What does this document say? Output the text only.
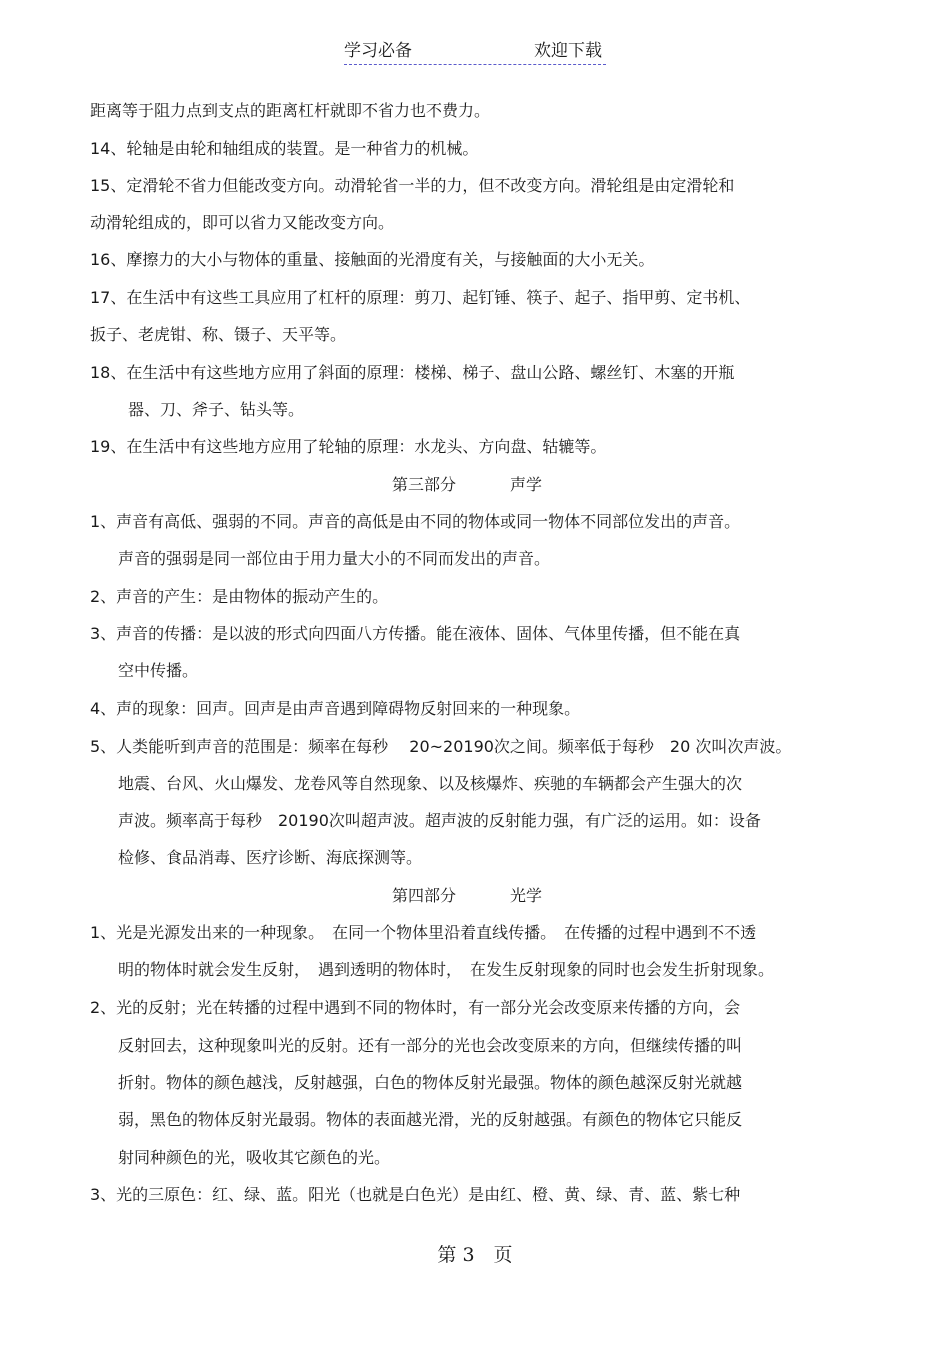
学习必备	欢迎下载
距离等于阻力点到支点的距离杠杆就即不省力也不费力。
14、轮轴是由轮和轴组成的装置。是一种省力的机械。
15、定滑轮不省力但能改变方向。动滑轮省一半的力，但不改变方向。滑轮组是由定滑轮和
动滑轮组成的，即可以省力又能改变方向。
16、摩擦力的大小与物体的重量、接触面的光滑度有关，与接触面的大小无关。
17、在生活中有这些工具应用了杠杆的原理：剪刀、起钉锤、筷子、起子、指甲剪、定书机、
扳子、老虎钳、称、镊子、天平等。
18、在生活中有这些地方应用了斜面的原理：楼梯、梯子、盘山公路、螺丝钉、木塞的开瓶
器、刀、斧子、钻头等。
19、在生活中有这些地方应用了轮轴的原理：水龙头、方向盘、轱辘等。
第三部分	声学
1、声音有高低、强弱的不同。声音的高低是由不同的物体或同一物体不同部位发出的声音。
声音的强弱是同一部位由于用力量大小的不同而发出的声音。
2、声音的产生：是由物体的振动产生的。
3、声音的传播：是以波的形式向四面八方传播。能在液体、固体、气体里传播，但不能在真
空中传播。
4、声的现象：回声。回声是由声音遇到障碍物反射回来的一种现象。
5、人类能听到声音的范围是：频率在每秒　 20~20190次之间。频率低于每秒　20 次叫次声波。
地震、台风、火山爆发、龙卷风等自然现象、以及核爆炸、疾驰的车辆都会产生强大的次
声波。频率高于每秒　20190次叫超声波。超声波的反射能力强，有广泛的运用。如：设备
检修、食品消毒、医疗诊断、海底探测等。
第四部分	光学
1、光是光源发出来的一种现象。　在同一个物体里沿着直线传播。　在传播的过程中遇到不不透
明的物体时就会发生反射，　遇到透明的物体时，　在发生反射现象的同时也会发生折射现象。
2、光的反射；光在转播的过程中遇到不同的物体时，有一部分光会改变原来传播的方向，会
反射回去，这种现象叫光的反射。还有一部分的光也会改变原来的方向，但继续传播的叫
折射。物体的颜色越浅，反射越强，白色的物体反射光最强。物体的颜色越深反射光就越
弱，黑色的物体反射光最弱。物体的表面越光滑，光的反射越强。有颜色的物体它只能反
射同种颜色的光，吸收其它颜色的光。
3、光的三原色：红、绿、蓝。阳光（也就是白色光）是由红、橙、黄、绿、青、蓝、紫七种
第 3　页
